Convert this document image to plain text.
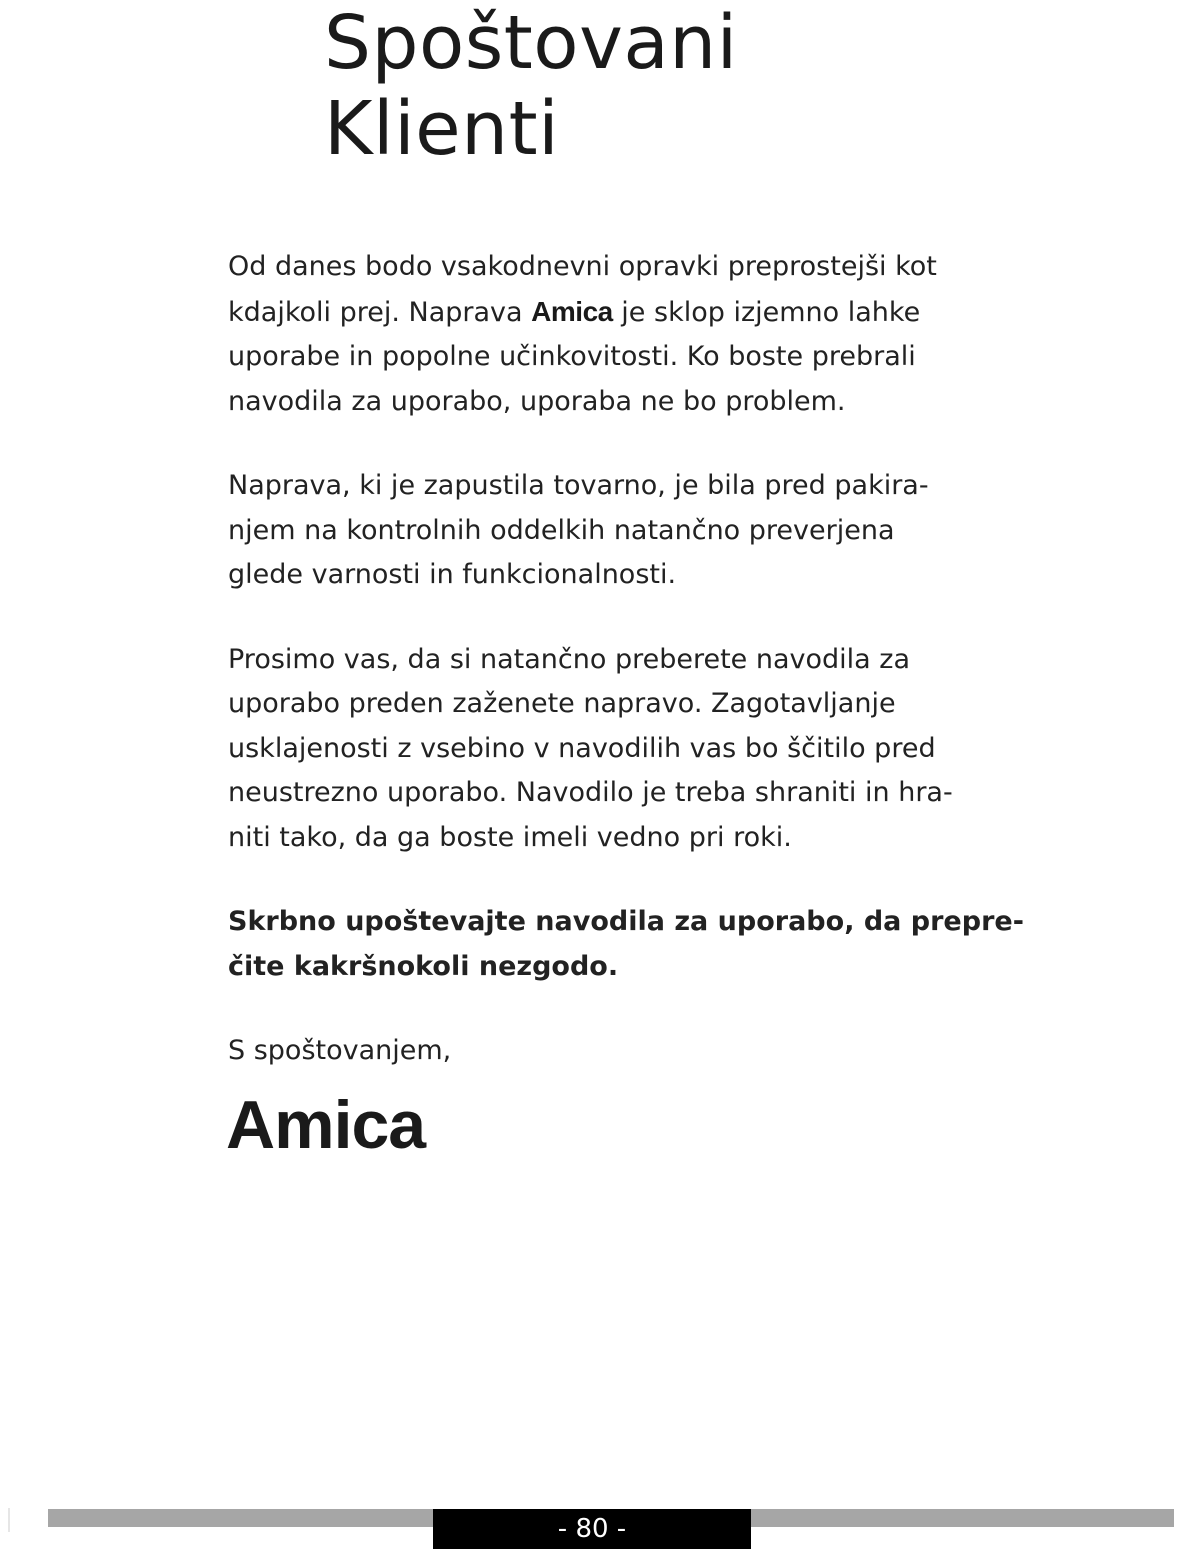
Spoštovani
Klienti

Od danes bodo vsakodnevni opravki preprostejši kot
kdajkoli prej. Naprava Amica je sklop izjemno lahke
uporabe in popolne učinkovitosti. Ko boste prebrali
navodila za uporabo, uporaba ne bo problem.

Naprava, ki je zapustila tovarno, je bila pred pakira-
njem na kontrolnih oddelkih natančno preverjena
glede varnosti in funkcionalnosti.

Prosimo vas, da si natančno preberete navodila za
uporabo preden zaženete napravo. Zagotavljanje
usklajenosti z vsebino v navodilih vas bo ščitilo pred
neustrezno uporabo. Navodilo je treba shraniti in hra-
niti tako, da ga boste imeli vedno pri roki.

Skrbno upoštevajte navodila za uporabo, da prepre-
čite kakršnokoli nezgodo.

S spoštovanjem,

Amica
- 80 -
